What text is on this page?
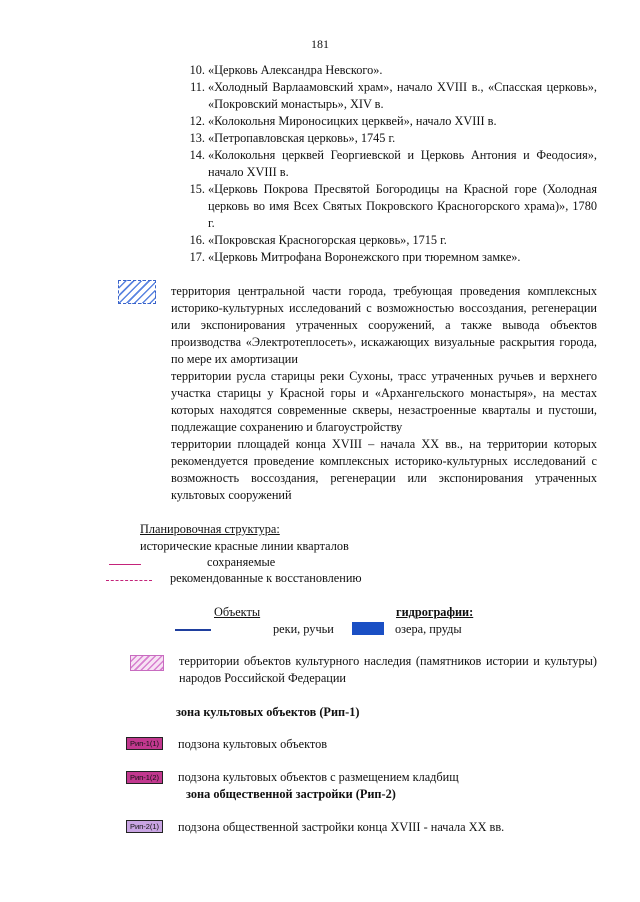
181
10. «Церковь Александра Невского».
11. «Холодный Варлаамовский храм», начало XVIII в., «Спасская церковь», «Покровский монастырь», XIV в.
12. «Колокольня Мироносицких церквей», начало XVIII в.
13. «Петропавловская церковь», 1745 г.
14. «Колокольня церквей Георгиевской и Церковь Антония и Феодосия», начало XVIII в.
15. «Церковь Покрова Пресвятой Богородицы на Красной горе (Холодная церковь во имя Всех Святых Покровского Красногорского храма)», 1780 г.
16. «Покровская Красногорская церковь», 1715 г.
17. «Церковь Митрофана Воронежского при тюремном замке».

территория центральной части города, требующая проведения комплексных историко-культурных исследований с возможностью воссоздания, регенерации или экспонирования утраченных сооружений, а также вывода объектов производства «Электротеплосеть», искажающих визуальные раскрытия города, по мере их амортизации

территории русла старицы реки Сухоны, трасс утраченных ручьев и верхнего участка старицы у Красной горы и «Архангельского монастыря», на местах которых находятся современные скверы, незастроенные кварталы и пустоши, подлежащие сохранению и благоустройству

территории площадей конца XVIII – начала XX вв., на территории которых рекомендуется проведение комплексных историко-культурных исследований с возможность воссоздания, регенерации или экспонирования утраченных культовых сооружений

Планировочная структура:
исторические красные линии кварталов
сохраняемые
рекомендованные к восстановлению
Объекты	гидрографии:
реки, ручьи	озера, пруды

территории объектов культурного наследия (памятников истории и культуры) народов Российской Федерации

зона культовых объектов (Рип-1)
Рип-1(1)	подзона культовых объектов
Рип-1(2)	подзона культовых объектов с размещением кладбищ
зона общественной застройки (Рип-2)
Рип-2(1)	подзона общественной застройки конца XVIII - начала XX вв.
